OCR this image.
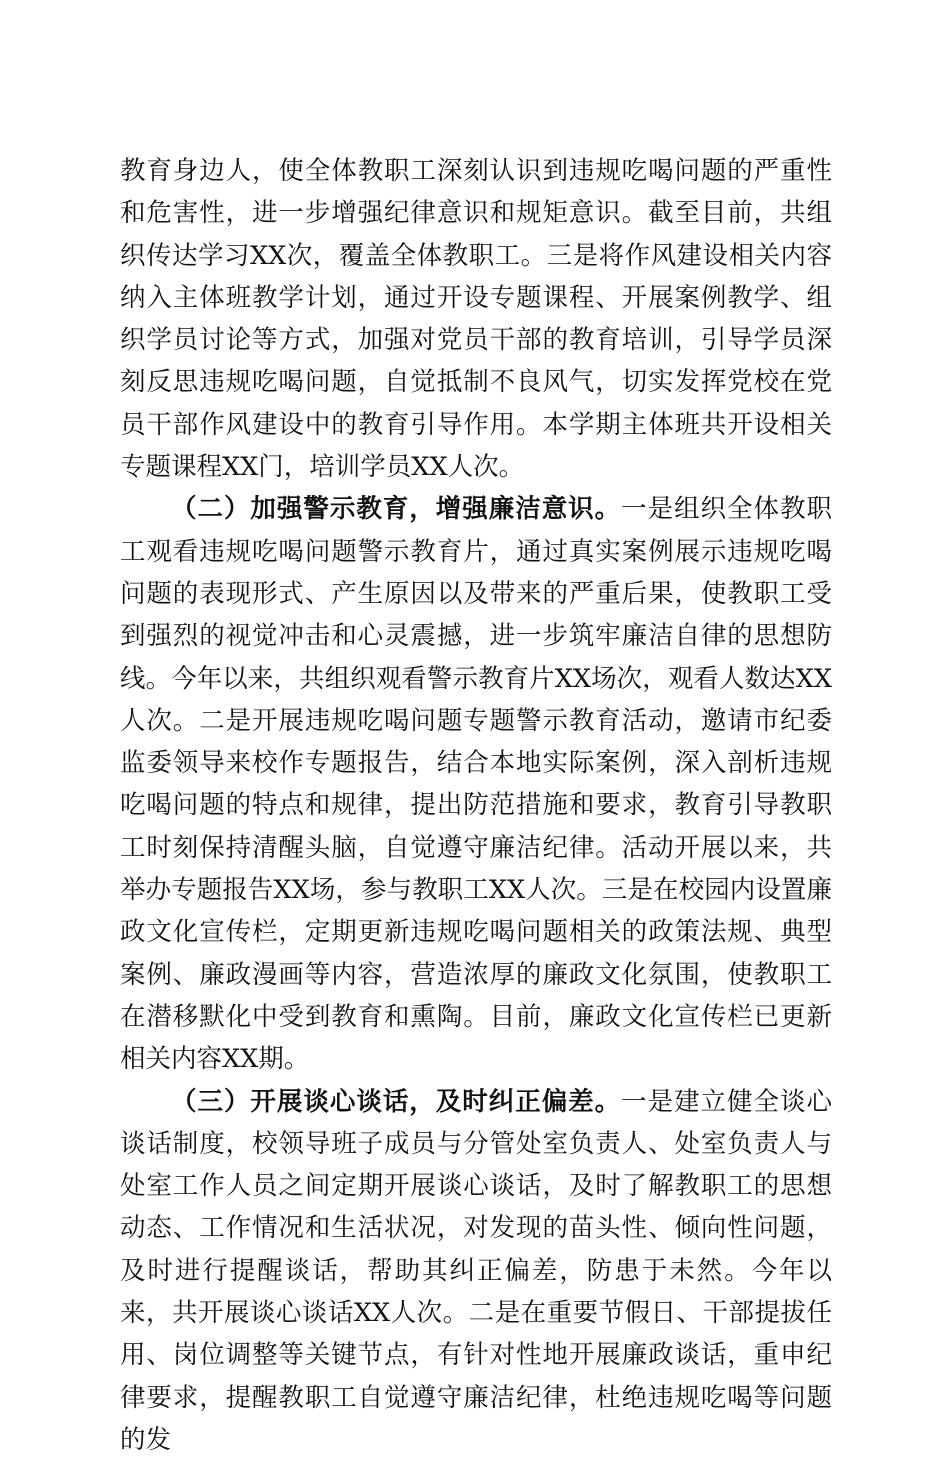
教育身边人，使全体教职工深刻认识到违规吃喝问题的严重性和危害性，进一步增强纪律意识和规矩意识。截至目前，共组织传达学习XX次，覆盖全体教职工。三是将作风建设相关内容纳入主体班教学计划，通过开设专题课程、开展案例教学、组织学员讨论等方式，加强对党员干部的教育培训，引导学员深刻反思违规吃喝问题，自觉抵制不良风气，切实发挥党校在党员干部作风建设中的教育引导作用。本学期主体班共开设相关专题课程XX门，培训学员XX人次。

（二）加强警示教育，增强廉洁意识。一是组织全体教职工观看违规吃喝问题警示教育片，通过真实案例展示违规吃喝问题的表现形式、产生原因以及带来的严重后果，使教职工受到强烈的视觉冲击和心灵震撼，进一步筑牢廉洁自律的思想防线。今年以来，共组织观看警示教育片XX场次，观看人数达XX人次。二是开展违规吃喝问题专题警示教育活动，邀请市纪委监委领导来校作专题报告，结合本地实际案例，深入剖析违规吃喝问题的特点和规律，提出防范措施和要求，教育引导教职工时刻保持清醒头脑，自觉遵守廉洁纪律。活动开展以来，共举办专题报告XX场，参与教职工XX人次。三是在校园内设置廉政文化宣传栏，定期更新违规吃喝问题相关的政策法规、典型案例、廉政漫画等内容，营造浓厚的廉政文化氛围，使教职工在潜移默化中受到教育和熏陶。目前，廉政文化宣传栏已更新相关内容XX期。

（三）开展谈心谈话，及时纠正偏差。一是建立健全谈心谈话制度，校领导班子成员与分管处室负责人、处室负责人与处室工作人员之间定期开展谈心谈话，及时了解教职工的思想动态、工作情况和生活状况，对发现的苗头性、倾向性问题，及时进行提醒谈话，帮助其纠正偏差，防患于未然。今年以来，共开展谈心谈话XX人次。二是在重要节假日、干部提拔任用、岗位调整等关键节点，有针对性地开展廉政谈话，重申纪律要求，提醒教职工自觉遵守廉洁纪律，杜绝违规吃喝等问题的发
